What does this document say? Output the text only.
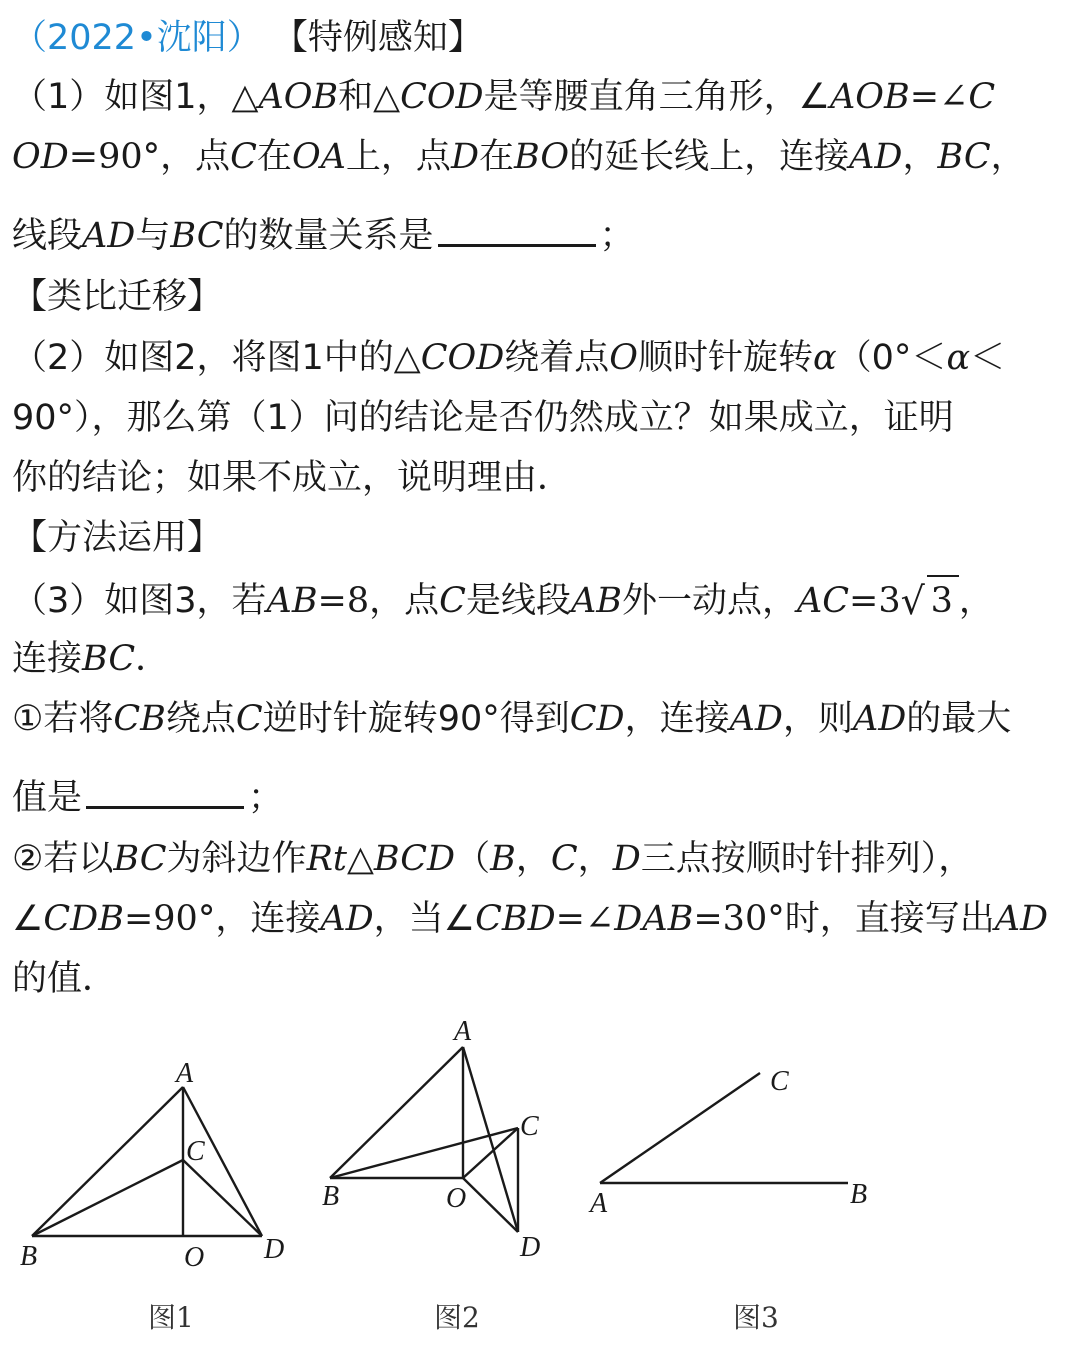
（2022•沈阳） 【特例感知】
（1）如图1，△AOB和△COD是等腰直角三角形，∠AOB=∠C
OD=90°，点C在OA上，点D在BO的延长线上，连接AD，BC，
线段AD与BC的数量关系是	；
【类比迁移】
（2）如图2，将图1中的△COD绕着点O顺时针旋转α（0°＜α＜
90°），那么第（1）问的结论是否仍然成立？如果成立，证明
你的结论；如果不成立，说明理由．
【方法运用】
（3）如图3，若AB=8，点C是线段AB外一动点，AC=3 √ 3 ，
连接BC．
①若将CB绕点C逆时针旋转90°得到CD，连接AD，则AD的最大
值是	；
②若以BC为斜边作Rt△BCD（B，C，D三点按顺时针排列），
∠CDB=90°，连接AD，当∠CBD=∠DAB=30°时，直接写出AD
的值．
A
C
B	O D
图1
A
C
B	O
D
图2
C
A	B
图3
